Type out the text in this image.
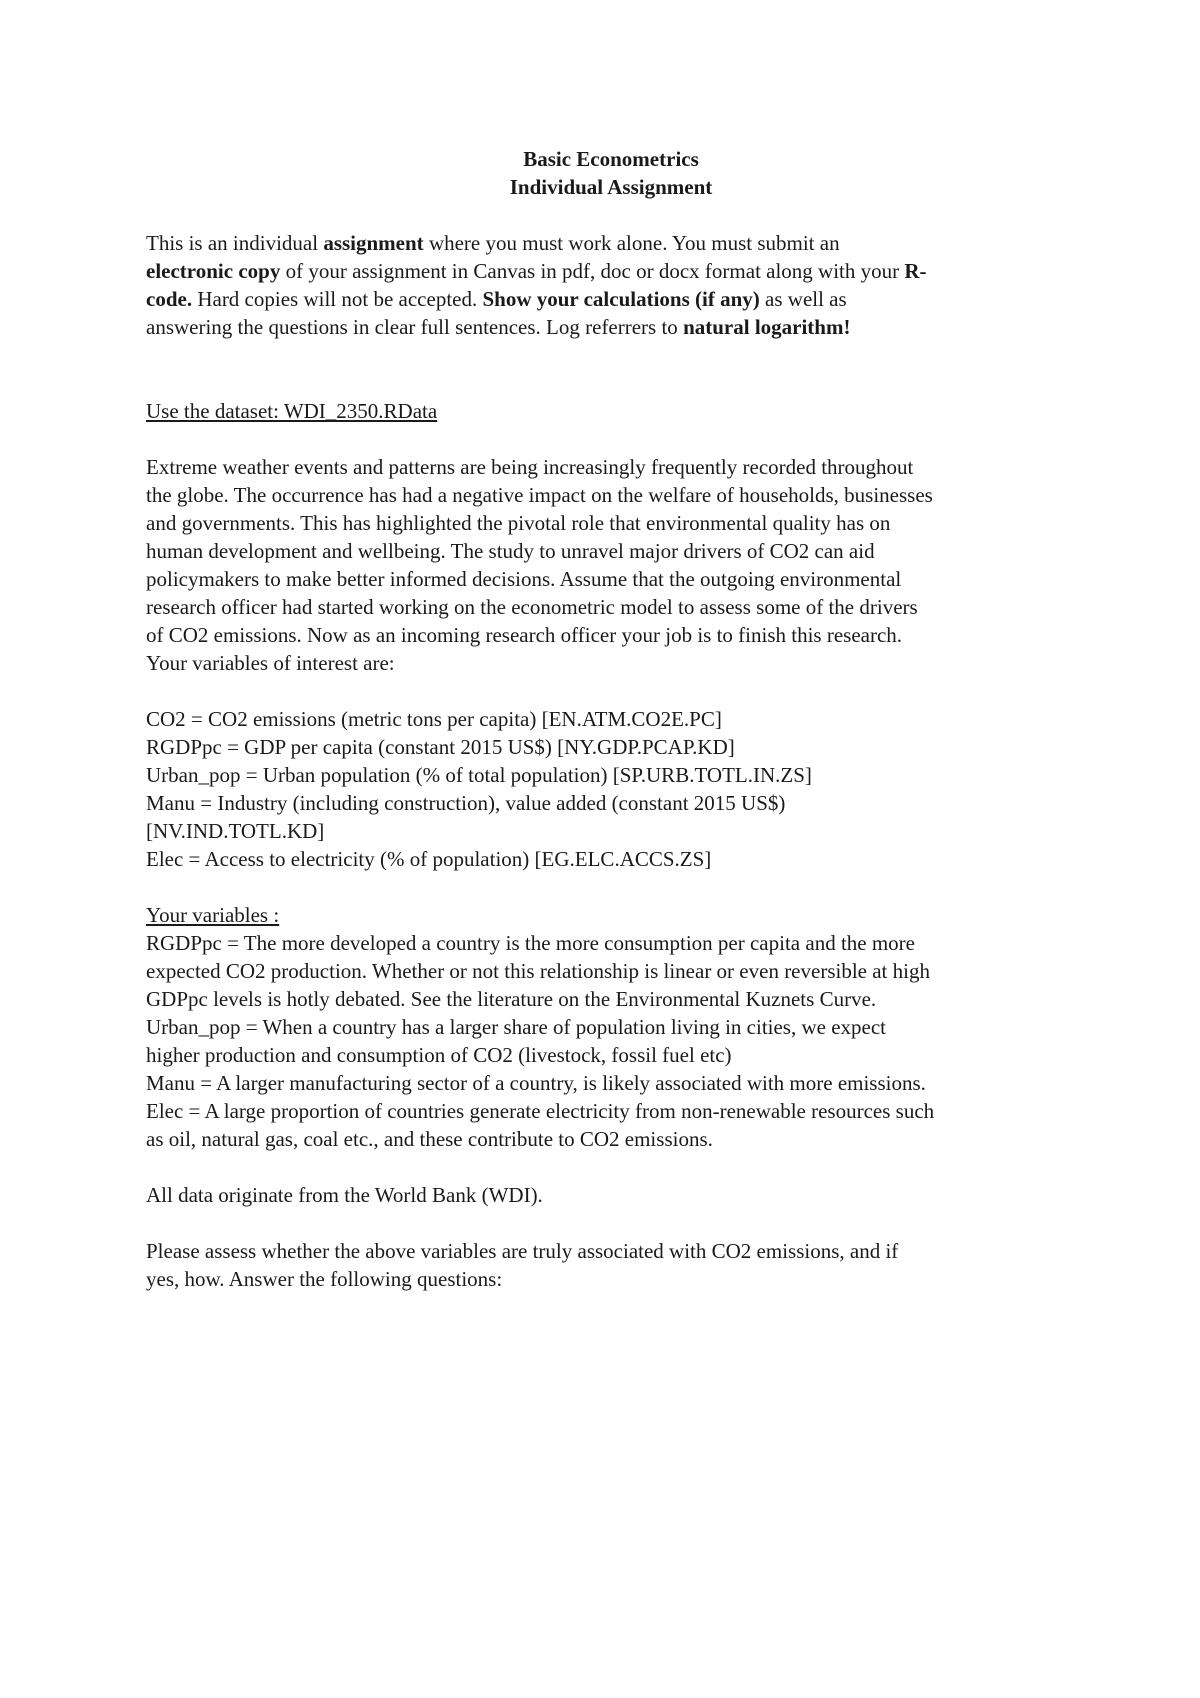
Basic Econometrics

Individual Assignment

This is an individual assignment where you must work alone. You must submit an
electronic copy of your assignment in Canvas in pdf, doc or docx format along with your R-
code. Hard copies will not be accepted. Show your calculations (if any) as well as
answering the questions in clear full sentences. Log referrers to natural logarithm!

Use the dataset: WDI_2350.RData

Extreme weather events and patterns are being increasingly frequently recorded throughout
the globe. The occurrence has had a negative impact on the welfare of households, businesses
and governments. This has highlighted the pivotal role that environmental quality has on
human development and wellbeing. The study to unravel major drivers of CO2 can aid
policymakers to make better informed decisions. Assume that the outgoing environmental
research officer had started working on the econometric model to assess some of the drivers
of CO2 emissions. Now as an incoming research officer your job is to finish this research.
Your variables of interest are:

CO2 = CO2 emissions (metric tons per capita) [EN.ATM.CO2E.PC]
RGDPpc = GDP per capita (constant 2015 US$) [NY.GDP.PCAP.KD]
Urban_pop = Urban population (% of total population) [SP.URB.TOTL.IN.ZS]
Manu = Industry (including construction), value added (constant 2015 US$)
[NV.IND.TOTL.KD]
Elec = Access to electricity (% of population) [EG.ELC.ACCS.ZS]

Your variables :

RGDPpc = The more developed a country is the more consumption per capita and the more
expected CO2 production. Whether or not this relationship is linear or even reversible at high
GDPpc levels is hotly debated. See the literature on the Environmental Kuznets Curve.
Urban_pop = When a country has a larger share of population living in cities, we expect
higher production and consumption of CO2 (livestock, fossil fuel etc)
Manu = A larger manufacturing sector of a country, is likely associated with more emissions.
Elec = A large proportion of countries generate electricity from non-renewable resources such
as oil, natural gas, coal etc., and these contribute to CO2 emissions.

All data originate from the World Bank (WDI).

Please assess whether the above variables are truly associated with CO2 emissions, and if
yes, how. Answer the following questions:
